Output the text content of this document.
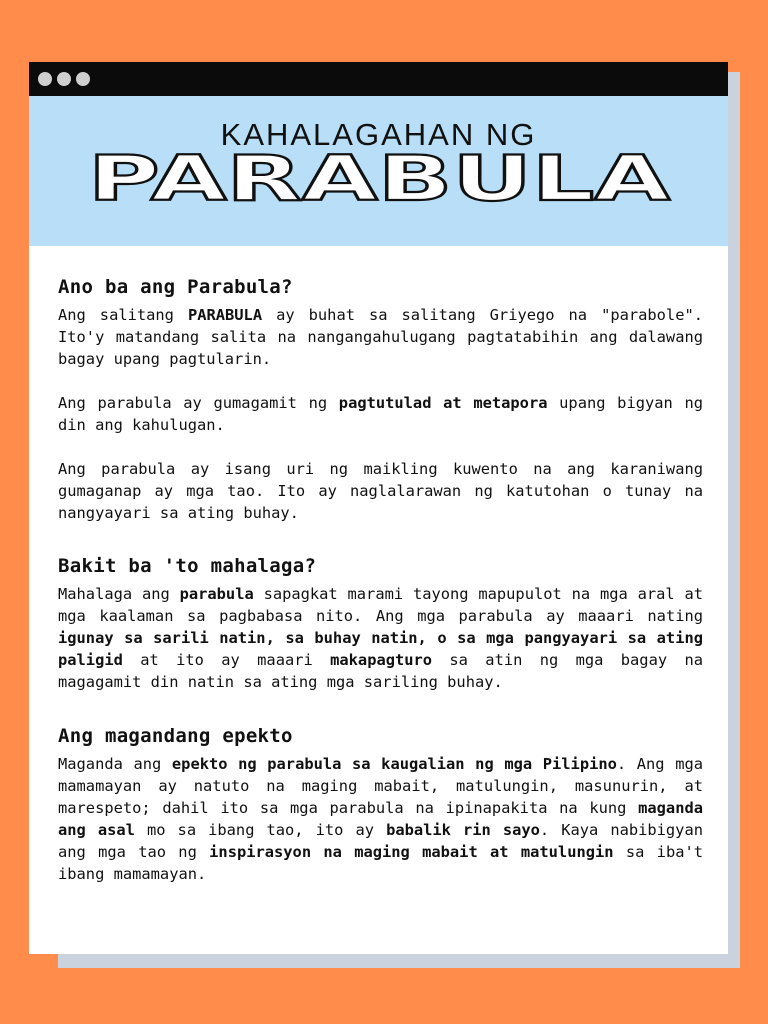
KAHALAGAHAN NG
PARABULA
Ano ba ang Parabula?

Ang salitang PARABULA ay buhat sa salitang Griyego na "parabole". Ito'y matandang salita na nangangahulugang pagtatabihin ang dalawang bagay upang pagtularin.

Ang parabula ay gumagamit ng pagtutulad at metapora upang bigyan ng din ang kahulugan.

Ang parabula ay isang uri ng maikling kuwento na ang karaniwang gumaganap ay mga tao. Ito ay naglalarawan ng katutohan o tunay na nangyayari sa ating buhay.

Bakit ba 'to mahalaga?

Mahalaga ang parabula sapagkat marami tayong mapupulot na mga aral at mga kaalaman sa pagbabasa nito. Ang mga parabula ay maaari nating igunay sa sarili natin, sa buhay natin, o sa mga pangyayari sa ating paligid at ito ay maaari makapagturo sa atin ng mga bagay na magagamit din natin sa ating mga sariling buhay.

Ang magandang epekto

Maganda ang epekto ng parabula sa kaugalian ng mga Pilipino. Ang mga mamamayan ay natuto na maging mabait, matulungin, masunurin, at marespeto; dahil ito sa mga parabula na ipinapakita na kung maganda ang asal mo sa ibang tao, ito ay babalik rin sayo. Kaya nabibigyan ang mga tao ng inspirasyon na maging mabait at matulungin sa iba't ibang mamamayan.
